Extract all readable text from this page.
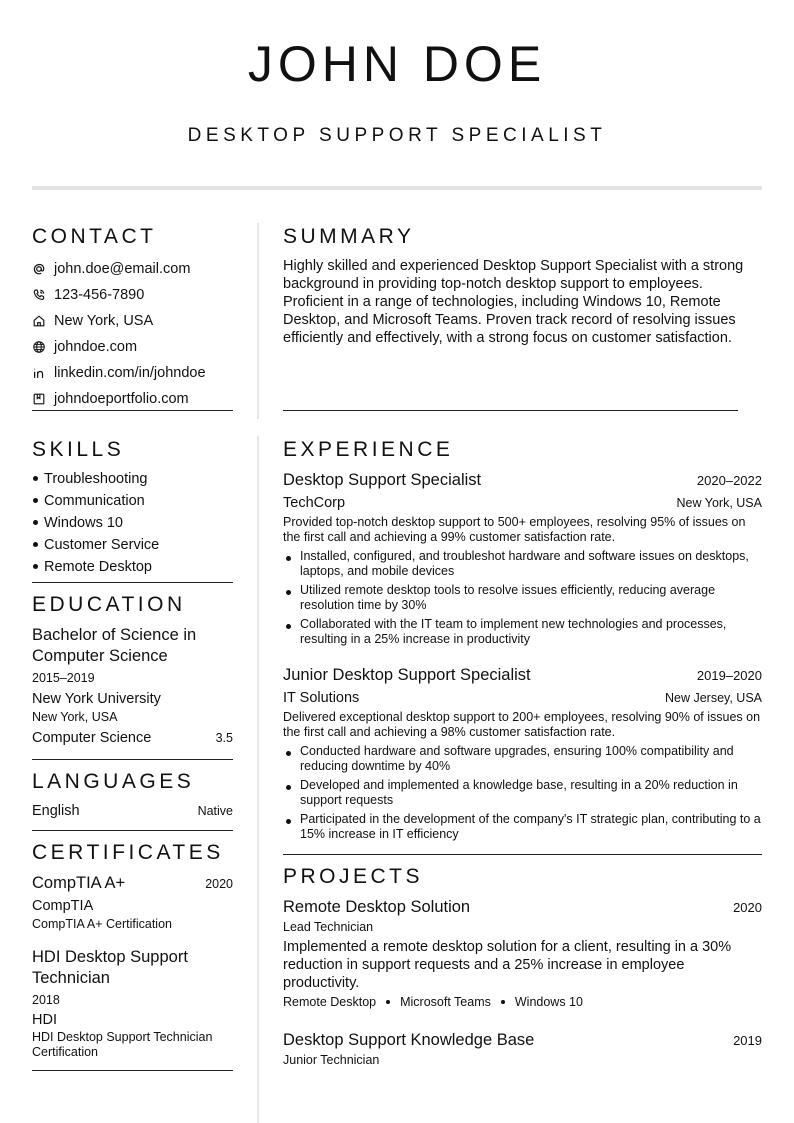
JOHN DOE
DESKTOP SUPPORT SPECIALIST
CONTACT
john.doe@email.com
123-456-7890
New York, USA
johndoe.com
linkedin.com/in/johndoe
johndoeportfolio.com
SUMMARY
Highly skilled and experienced Desktop Support Specialist with a strong background in providing top-notch desktop support to employees. Proficient in a range of technologies, including Windows 10, Remote Desktop, and Microsoft Teams. Proven track record of resolving issues efficiently and effectively, with a strong focus on customer satisfaction.
SKILLS
Troubleshooting
Communication
Windows 10
Customer Service
Remote Desktop
EDUCATION
Bachelor of Science in Computer Science
2015–2019
New York University
New York, USA
Computer Science	3.5
LANGUAGES
English	Native
CERTIFICATES
CompTIA A+	2020
CompTIA
CompTIA A+ Certification
HDI Desktop Support Technician
2018
HDI
HDI Desktop Support Technician Certification
EXPERIENCE
Desktop Support Specialist	2020–2022
TechCorp	New York, USA
Provided top-notch desktop support to 500+ employees, resolving 95% of issues on the first call and achieving a 99% customer satisfaction rate.
Installed, configured, and troubleshot hardware and software issues on desktops, laptops, and mobile devices
Utilized remote desktop tools to resolve issues efficiently, reducing average resolution time by 30%
Collaborated with the IT team to implement new technologies and processes, resulting in a 25% increase in productivity
Junior Desktop Support Specialist	2019–2020
IT Solutions	New Jersey, USA
Delivered exceptional desktop support to 200+ employees, resolving 90% of issues on the first call and achieving a 98% customer satisfaction rate.
Conducted hardware and software upgrades, ensuring 100% compatibility and reducing downtime by 40%
Developed and implemented a knowledge base, resulting in a 20% reduction in support requests
Participated in the development of the company's IT strategic plan, contributing to a 15% increase in IT efficiency
PROJECTS
Remote Desktop Solution	2020
Lead Technician
Implemented a remote desktop solution for a client, resulting in a 30% reduction in support requests and a 25% increase in employee productivity.
Remote Desktop Microsoft Teams Windows 10
Desktop Support Knowledge Base	2019
Junior Technician
